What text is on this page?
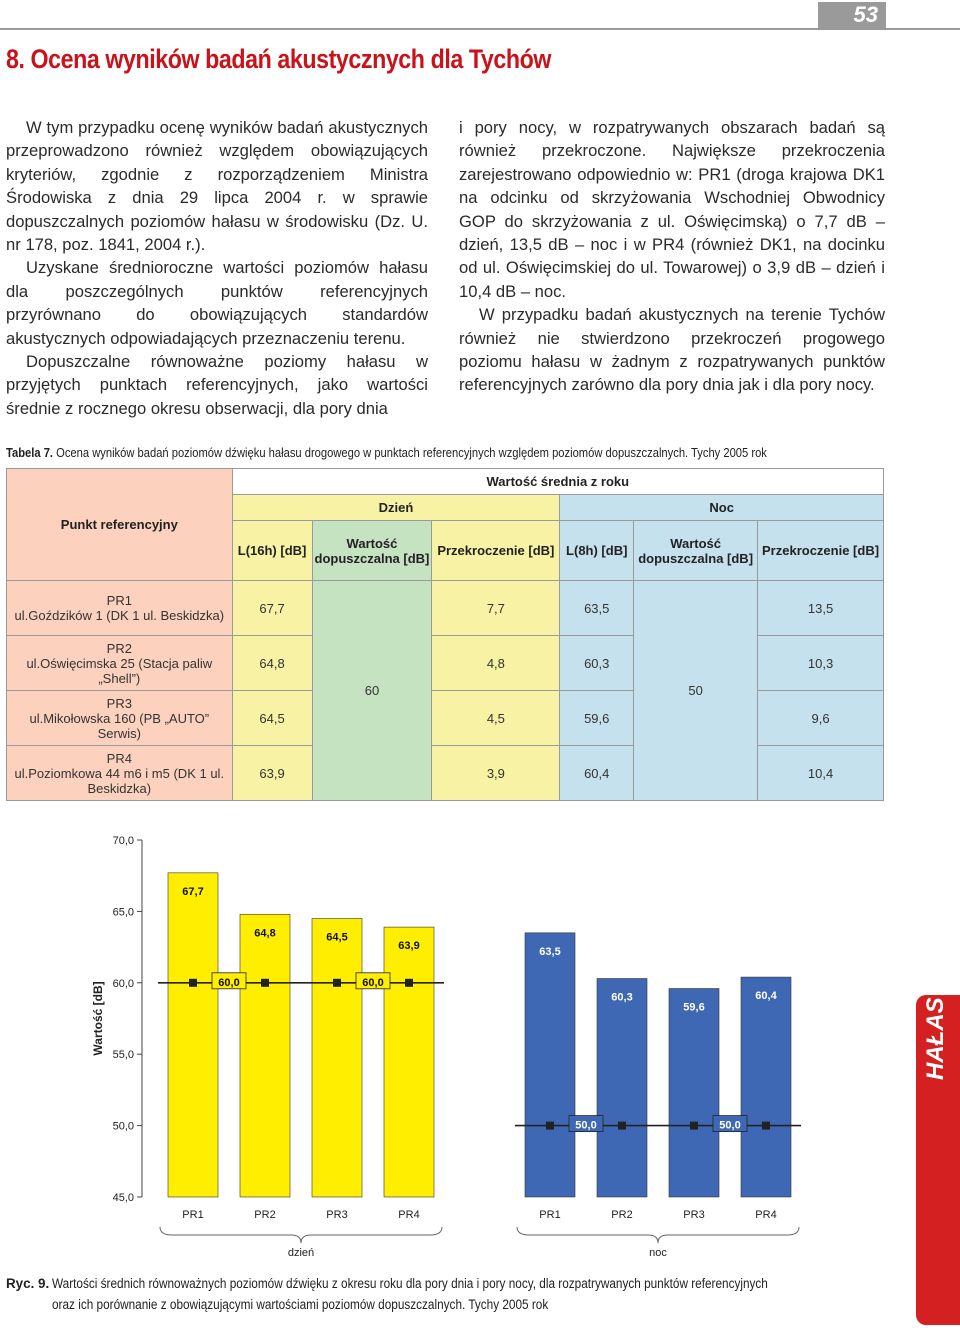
53
8. Ocena wyników badań akustycznych dla Tychów

W tym przypadku ocenę wyników badań akustycznych przeprowadzono również względem obowiązujących kryteriów, zgodnie z rozporządzeniem Ministra Środowiska z dnia 29 lipca 2004 r. w sprawie dopuszczalnych poziomów hałasu w środowisku (Dz. U. nr 178, poz. 1841, 2004 r.).

Uzyskane średnioroczne wartości poziomów hałasu dla poszczególnych punktów referencyjnych przyrównano do obowiązujących standardów akustycznych odpowiadających przeznaczeniu terenu.

Dopuszczalne równoważne poziomy hałasu w przyjętych punktach referencyjnych, jako wartości średnie z rocznego okresu obserwacji, dla pory dnia

i pory nocy, w rozpatrywanych obszarach badań są również przekroczone. Największe przekroczenia zarejestrowano odpowiednio w: PR1 (droga krajowa DK1 na odcinku od skrzyżowania Wschodniej Obwodnicy GOP do skrzyżowania z ul. Oświęcimską) o 7,7 dB – dzień, 13,5 dB – noc i w PR4 (również DK1, na docinku od ul. Oświęcimskiej do ul. Towarowej) o 3,9 dB – dzień i 10,4 dB – noc.

W przypadku badań akustycznych na terenie Tychów również nie stwierdzono przekroczeń progowego poziomu hałasu w żadnym z rozpatrywanych punktów referencyjnych zarówno dla pory dnia jak i dla pory nocy.

Tabela 7. Ocena wyników badań poziomów dźwięku hałasu drogowego w punktach referencyjnych względem poziomów dopuszczalnych. Tychy 2005 rok
Punkt referencyjny	Wartość średnia z roku					
	Dzień			Noc		
	L(16h) [dB]	Wartość dopuszczalna [dB]	Przekroczenie [dB]	L(8h) [dB]	Wartość dopuszczalna [dB]	Przekroczenie [dB]

PR1
ul.Goździków 1 (DK 1 ul. Beskidzka)	67,7	60	7,7	63,5	50	13,5

PR2
ul.Oświęcimska 25 (Stacja paliw „Shell”)	64,8		4,8	60,3		10,3

PR3
ul.Mikołowska 160 (PB „AUTO” Serwis)	64,5		4,5	59,6		9,6

PR4
ul.Poziomkowa 44 m6 i m5 (DK 1 ul. Beskidzka)	63,9		3,9	60,4		10,4
70,0
65,0
60,0
55,0
50,0
45,0
Wartość [dB]
67,7
PR1
64,8
PR2
64,5
PR3
63,9
PR4
60,0	60,0
dzień
63,5
PR1
60,3
PR2
59,6
PR3
60,4
PR4
50,0	50,0
noc
Ryc. 9. Wartości średnich równoważnych poziomów dźwięku z okresu roku dla pory dnia i pory nocy, dla rozpatrywanych punktów referencyjnych oraz ich porównanie z obowiązującymi wartościami poziomów dopuszczalnych. Tychy 2005 rok
HAŁAS
